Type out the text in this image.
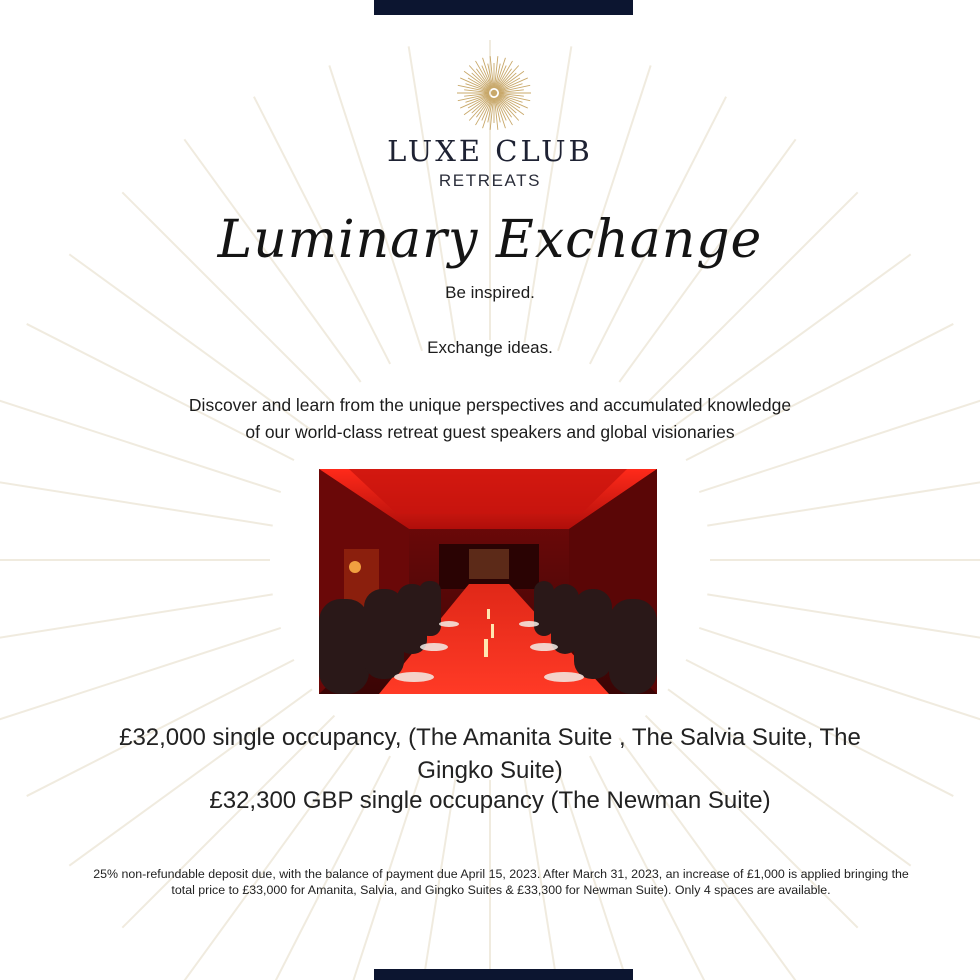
LUXE CLUB
RETREATS
Luminary Exchange
Be inspired.
Exchange ideas.
Discover and learn from the unique perspectives and accumulated knowledge
of our world-class retreat guest speakers and global visionaries
£32,000 single occupancy, (The Amanita Suite , The Salvia Suite, The
Gingko Suite)
£32,300 GBP single occupancy (The Newman Suite)
25% non-refundable deposit due, with the balance of payment due April 15, 2023. After March 31, 2023, an increase of £1,000 is applied bringing the
total price to £33,000 for Amanita, Salvia, and Gingko Suites & £33,300 for Newman Suite). Only 4 spaces are available.
